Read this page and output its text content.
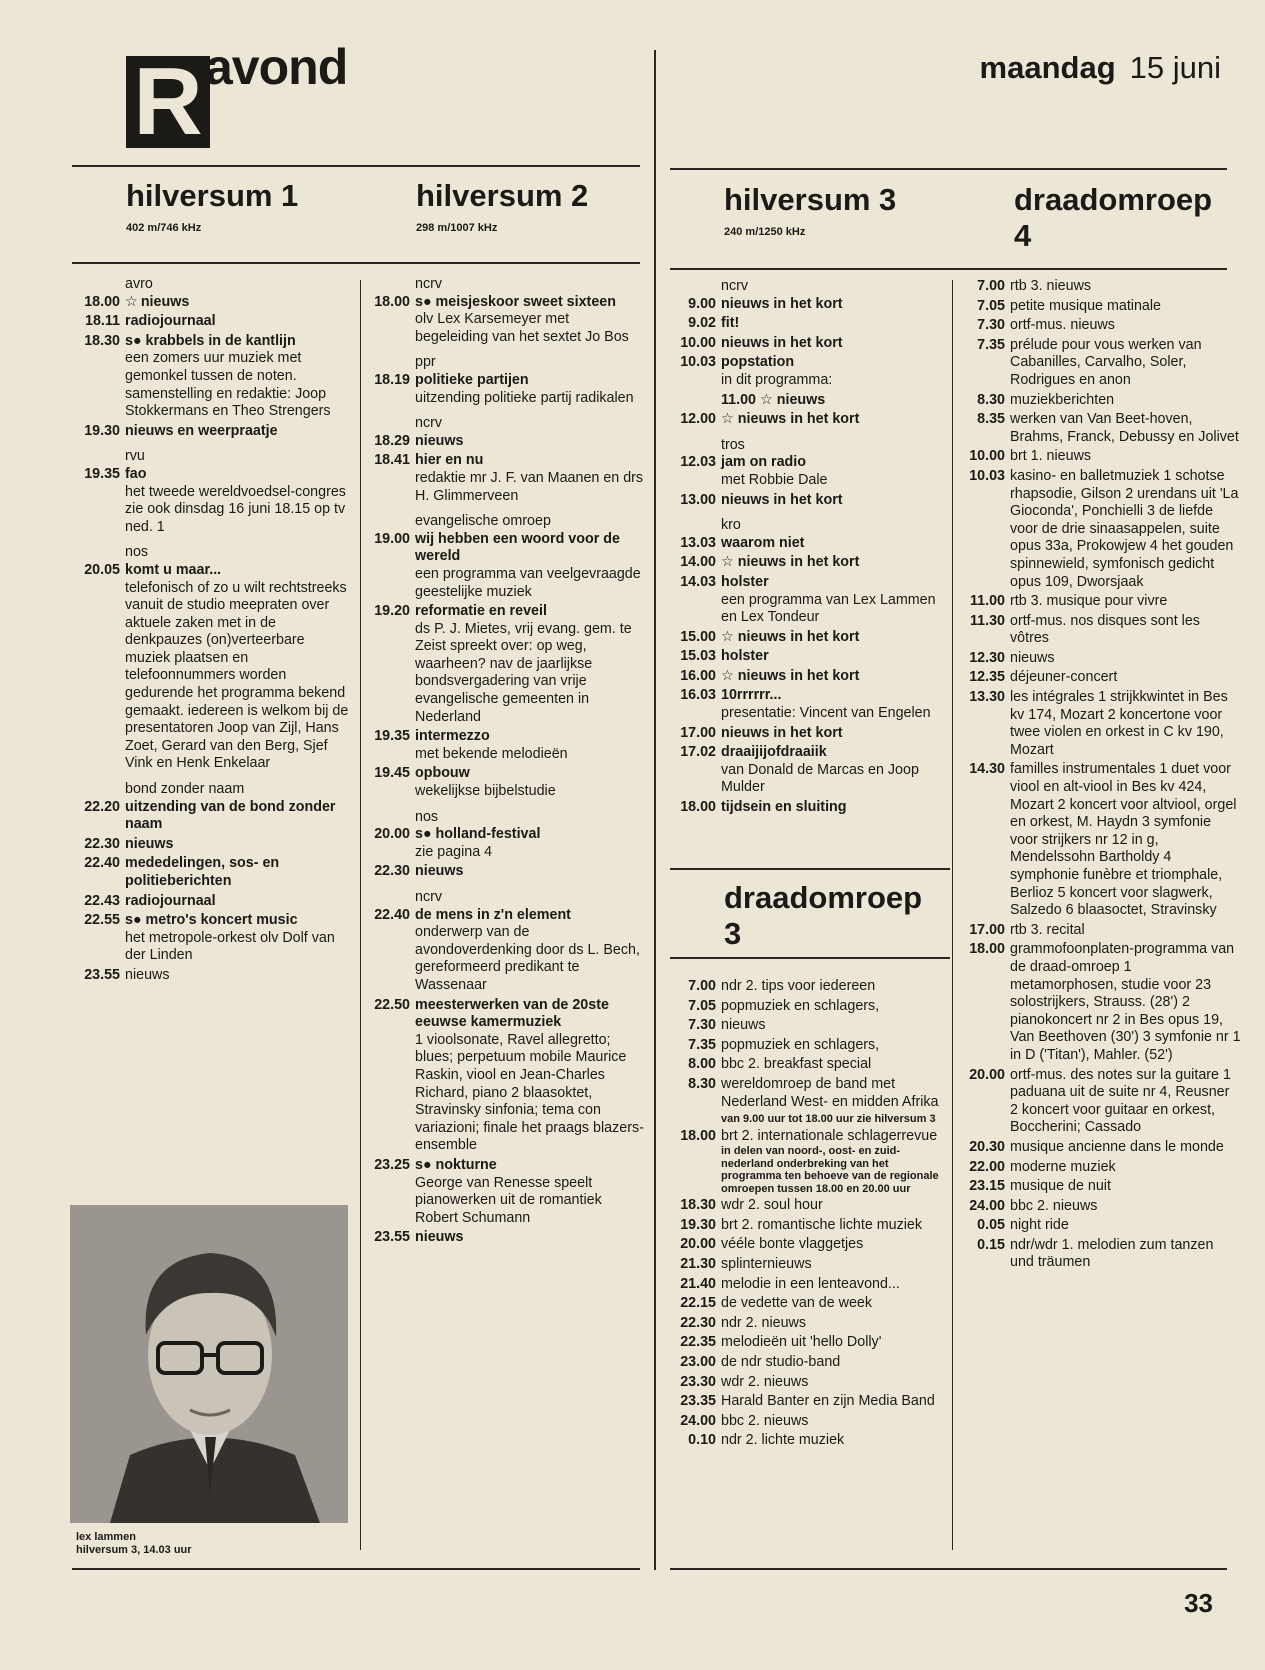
R avond	maandag 15 juni
hilversum 1
402 m/746 kHz
hilversum 2
298 m/1007 kHz
hilversum 3
240 m/1250 kHz
draadomroep
4
avro
18.00 ☆ nieuws
18.11 radiojournaal
18.30 s● krabbels in de kantlijn
een zomers uur muziek met gemonkel tussen de noten. samenstelling en redaktie: Joop Stokkermans en Theo Strengers
19.30 nieuws en weerpraatje
rvu
19.35 fao
het tweede wereldvoedsel-congres zie ook dinsdag 16 juni 18.15 op tv ned. 1
nos
20.05 komt u maar...
telefonisch of zo u wilt rechtstreeks vanuit de studio meepraten over aktuele zaken met in de denkpauzes (on)verteerbare muziek plaatsen en telefoonnummers worden gedurende het programma bekend gemaakt. iedereen is welkom bij de presentatoren Joop van Zijl, Hans Zoet, Gerard van den Berg, Sjef Vink en Henk Enkelaar
bond zonder naam
22.20 uitzending van de bond zonder naam
22.30 nieuws
22.40 mededelingen, sos- en politieberichten
22.43 radiojournaal
22.55 s● metro's koncert music
het metropole-orkest olv Dolf van der Linden
23.55 nieuws
ncrv
18.00 s● meisjeskoor sweet sixteen
olv Lex Karsemeyer met begeleiding van het sextet Jo Bos
ppr
18.19 politieke partijen
uitzending politieke partij radikalen
ncrv
18.29 nieuws
18.41 hier en nu
redaktie mr J. F. van Maanen en drs H. Glimmerveen
evangelische omroep
19.00 wij hebben een woord voor de wereld
een programma van veelgevraagde geestelijke muziek
19.20 reformatie en reveil
ds P. J. Mietes, vrij evang. gem. te Zeist spreekt over: op weg, waarheen? nav de jaarlijkse bondsvergadering van vrije evangelische gemeenten in Nederland
19.35 intermezzo
met bekende melodieën
19.45 opbouw
wekelijkse bijbelstudie
nos
20.00 s● holland-festival
zie pagina 4
22.30 nieuws
ncrv
22.40 de mens in z'n element
onderwerp van de avondoverdenking door ds L. Bech, gereformeerd predikant te Wassenaar
22.50 meesterwerken van de 20ste eeuwse kamermuziek
1 vioolsonate, Ravel allegretto; blues; perpetuum mobile Maurice Raskin, viool en Jean-Charles Richard, piano 2 blaasoktet, Stravinsky sinfonia; tema con variazioni; finale het praags blazers-ensemble
23.25 s● nokturne
George van Renesse speelt pianowerken uit de romantiek Robert Schumann
23.55 nieuws
ncrv
9.00 nieuws in het kort
9.02 fit!
10.00 nieuws in het kort
10.03 popstation
in dit programma:
11.00 ☆ nieuws
12.00 ☆ nieuws in het kort
tros
12.03 jam on radio
met Robbie Dale
13.00 nieuws in het kort
kro
13.03 waarom niet
14.00 ☆ nieuws in het kort
14.03 holster
een programma van Lex Lammen en Lex Tondeur
15.00 ☆ nieuws in het kort
15.03 holster
16.00 ☆ nieuws in het kort
16.03 10rrrrrr...
presentatie: Vincent van Engelen
17.00 nieuws in het kort
17.02 draaijijofdraaiik
van Donald de Marcas en Joop Mulder
18.00 tijdsein en sluiting
7.00 rtb 3. nieuws
7.05 petite musique matinale
7.30 ortf-mus. nieuws
7.35 prélude pour vous werken van Cabanilles, Carvalho, Soler, Rodrigues en anon
8.30 muziekberichten
8.35 werken van Van Beet-hoven, Brahms, Franck, Debussy en Jolivet
10.00 brt 1. nieuws
10.03 kasino- en balletmuziek 1 schotse rhapsodie, Gilson 2 urendans uit 'La Gioconda', Ponchielli 3 de liefde voor de drie sinaasappelen, suite opus 33a, Prokowjew 4 het gouden spinnewield, symfonisch gedicht opus 109, Dworsjaak
11.00 rtb 3. musique pour vivre
11.30 ortf-mus. nos disques sont les vôtres
12.30 nieuws
12.35 déjeuner-concert
13.30 les intégrales 1 strijkkwintet in Bes kv 174, Mozart 2 koncertone voor twee violen en orkest in C kv 190, Mozart
14.30 familles instrumentales 1 duet voor viool en alt-viool in Bes kv 424, Mozart 2 koncert voor altviool, orgel en orkest, M. Haydn 3 symfonie voor strijkers nr 12 in g, Mendelssohn Bartholdy 4 symphonie funèbre et triomphale, Berlioz 5 koncert voor slagwerk, Salzedo 6 blaasoctet, Stravinsky
17.00 rtb 3. recital
18.00 grammofoonplaten-programma van de draad-omroep 1 metamorphosen, studie voor 23 solostrijkers, Strauss. (28') 2 pianokoncert nr 2 in Bes opus 19, Van Beethoven (30') 3 symfonie nr 1 in D ('Titan'), Mahler. (52')
20.00 ortf-mus. des notes sur la guitare 1 paduana uit de suite nr 4, Reusner 2 koncert voor guitaar en orkest, Boccherini; Cassado
20.30 musique ancienne dans le monde
22.00 moderne muziek
23.15 musique de nuit
24.00 bbc 2. nieuws
0.05 night ride
0.15 ndr/wdr 1. melodien zum tanzen und träumen
draadomroep
3
7.00 ndr 2. tips voor iedereen
7.05 popmuziek en schlagers,
7.30 nieuws
7.35 popmuziek en schlagers,
8.00 bbc 2. breakfast special
8.30 wereldomroep de band met Nederland West- en midden Afrika
van 9.00 uur tot 18.00 uur zie hilversum 3
18.00 brt 2. internationale schlagerrevue
in delen van noord-, oost- en zuid-nederland onderbreking van het programma ten behoeve van de regionale omroepen tussen 18.00 en 20.00 uur
18.30 wdr 2. soul hour
19.30 brt 2. romantische lichte muziek
20.00 vééle bonte vlaggetjes
21.30 splinternieuws
21.40 melodie in een lenteavond...
22.15 de vedette van de week
22.30 ndr 2. nieuws
22.35 melodieën uit 'hello Dolly'
23.00 de ndr studio-band
23.30 wdr 2. nieuws
23.35 Harald Banter en zijn Media Band
24.00 bbc 2. nieuws
0.10 ndr 2. lichte muziek
lex lammen
hilversum 3, 14.03 uur
33
